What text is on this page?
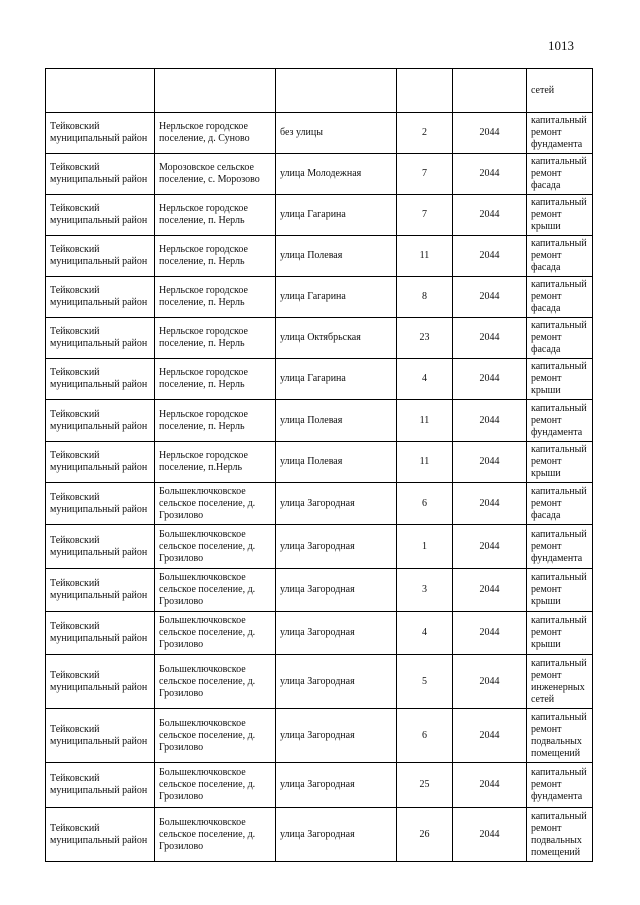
1013
					сетей
Тейковский муниципальный район	Нерльское городское поселение, д. Суново	без улицы	2	2044	капитальный ремонт фундамента
Тейковский муниципальный район	Морозовское сельское поселение, с. Морозово	улица Молодежная	7	2044	капитальный ремонт фасада
Тейковский муниципальный район	Нерльское городское поселение, п. Нерль	улица Гагарина	7	2044	капитальный ремонт крыши
Тейковский муниципальный район	Нерльское городское поселение, п. Нерль	улица Полевая	11	2044	капитальный ремонт фасада
Тейковский муниципальный район	Нерльское городское поселение, п. Нерль	улица Гагарина	8	2044	капитальный ремонт фасада
Тейковский муниципальный район	Нерльское городское поселение, п. Нерль	улица Октябрьская	23	2044	капитальный ремонт фасада
Тейковский муниципальный район	Нерльское городское поселение, п. Нерль	улица Гагарина	4	2044	капитальный ремонт крыши
Тейковский муниципальный район	Нерльское городское поселение, п. Нерль	улица Полевая	11	2044	капитальный ремонт фундамента
Тейковский муниципальный район	Нерльское городское поселение, п.Нерль	улица Полевая	11	2044	капитальный ремонт крыши
Тейковский муниципальный район	Большеключковское сельское поселение, д. Грозилово	улица Загородная	6	2044	капитальный ремонт фасада
Тейковский муниципальный район	Большеключковское сельское поселение, д. Грозилово	улица Загородная	1	2044	капитальный ремонт фундамента
Тейковский муниципальный район	Большеключковское сельское поселение, д. Грозилово	улица Загородная	3	2044	капитальный ремонт крыши
Тейковский муниципальный район	Большеключковское сельское поселение, д. Грозилово	улица Загородная	4	2044	капитальный ремонт крыши
Тейковский муниципальный район	Большеключковское сельское поселение, д. Грозилово	улица Загородная	5	2044	капитальный ремонт инженерных сетей
Тейковский муниципальный район	Большеключковское сельское поселение, д. Грозилово	улица Загородная	6	2044	капитальный ремонт подвальных помещений
Тейковский муниципальный район	Большеключковское сельское поселение, д. Грозилово	улица Загородная	25	2044	капитальный ремонт фундамента
Тейковский муниципальный район	Большеключковское сельское поселение, д. Грозилово	улица Загородная	26	2044	капитальный ремонт подвальных помещений
